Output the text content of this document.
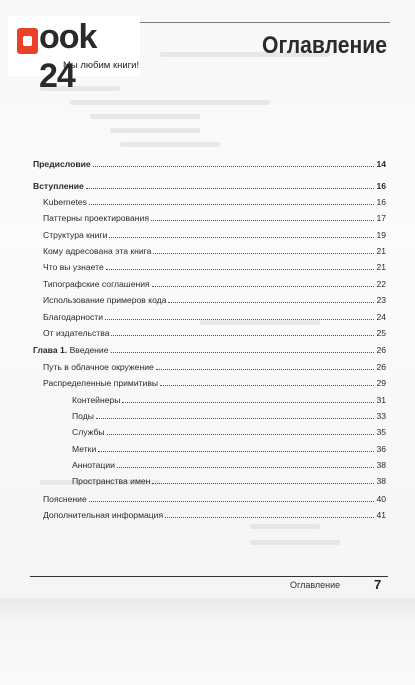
ook 24
Мы любим книги!
Оглавление
Предисловие	14
Вступление	16
Kubernetes	16
Паттерны проектирования	17
Структура книги	19
Кому адресована эта книга	21
Что вы узнаете	21
Типографские соглашения	22
Использование примеров кода	23
Благодарности	24
От издательства	25
Глава 1. Введение	26
Путь в облачное окружение	26
Распределенные примитивы	29
Контейнеры	31
Поды	33
Службы	35
Метки	36
Аннотации	38
Пространства имен	38
Пояснение	40
Дополнительная информация	41
Оглавление	7
